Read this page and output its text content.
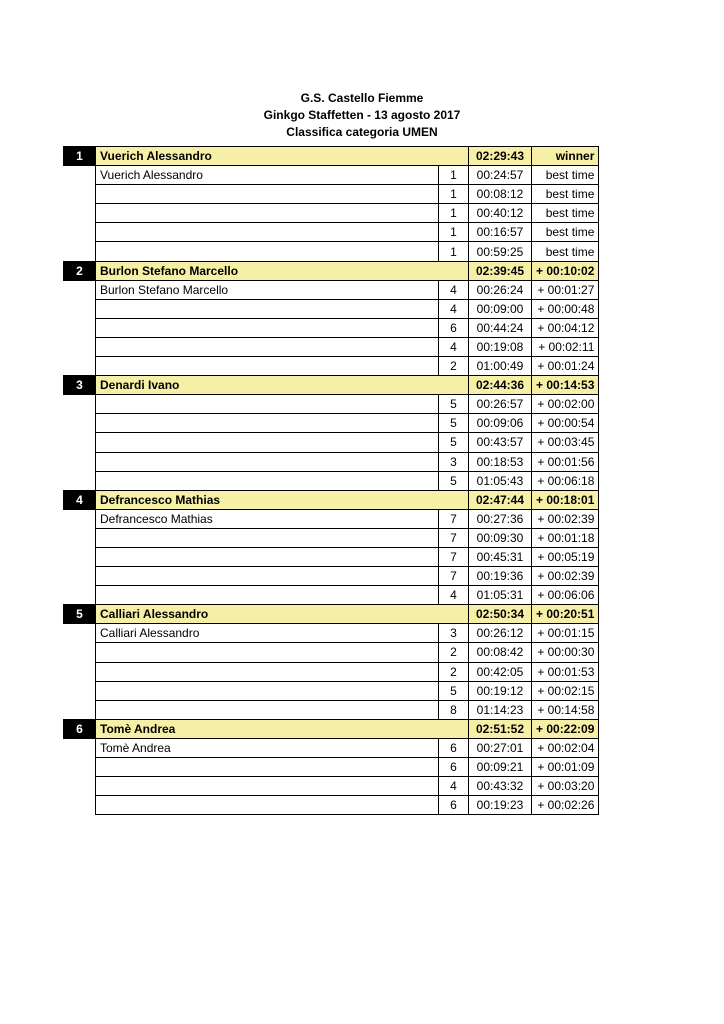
G.S. Castello Fiemme
Ginkgo Staffetten - 13 agosto 2017
Classifica categoria UMEN
1	Vuerich Alessandro		02:29:43	winner
	Vuerich Alessandro	1	00:24:57	best time
		1	00:08:12	best time
		1	00:40:12	best time
		1	00:16:57	best time
		1	00:59:25	best time
2	Burlon Stefano Marcello		02:39:45	+ 00:10:02
	Burlon Stefano Marcello	4	00:26:24	+ 00:01:27
		4	00:09:00	+ 00:00:48
		6	00:44:24	+ 00:04:12
		4	00:19:08	+ 00:02:11
		2	01:00:49	+ 00:01:24
3	Denardi Ivano		02:44:36	+ 00:14:53
		5	00:26:57	+ 00:02:00
		5	00:09:06	+ 00:00:54
		5	00:43:57	+ 00:03:45
		3	00:18:53	+ 00:01:56
		5	01:05:43	+ 00:06:18
4	Defrancesco Mathias		02:47:44	+ 00:18:01
	Defrancesco Mathias	7	00:27:36	+ 00:02:39
		7	00:09:30	+ 00:01:18
		7	00:45:31	+ 00:05:19
		7	00:19:36	+ 00:02:39
		4	01:05:31	+ 00:06:06
5	Calliari Alessandro		02:50:34	+ 00:20:51
	Calliari Alessandro	3	00:26:12	+ 00:01:15
		2	00:08:42	+ 00:00:30
		2	00:42:05	+ 00:01:53
		5	00:19:12	+ 00:02:15
		8	01:14:23	+ 00:14:58
6	Tomè Andrea		02:51:52	+ 00:22:09
	Tomè Andrea	6	00:27:01	+ 00:02:04
		6	00:09:21	+ 00:01:09
		4	00:43:32	+ 00:03:20
		6	00:19:23	+ 00:02:26
